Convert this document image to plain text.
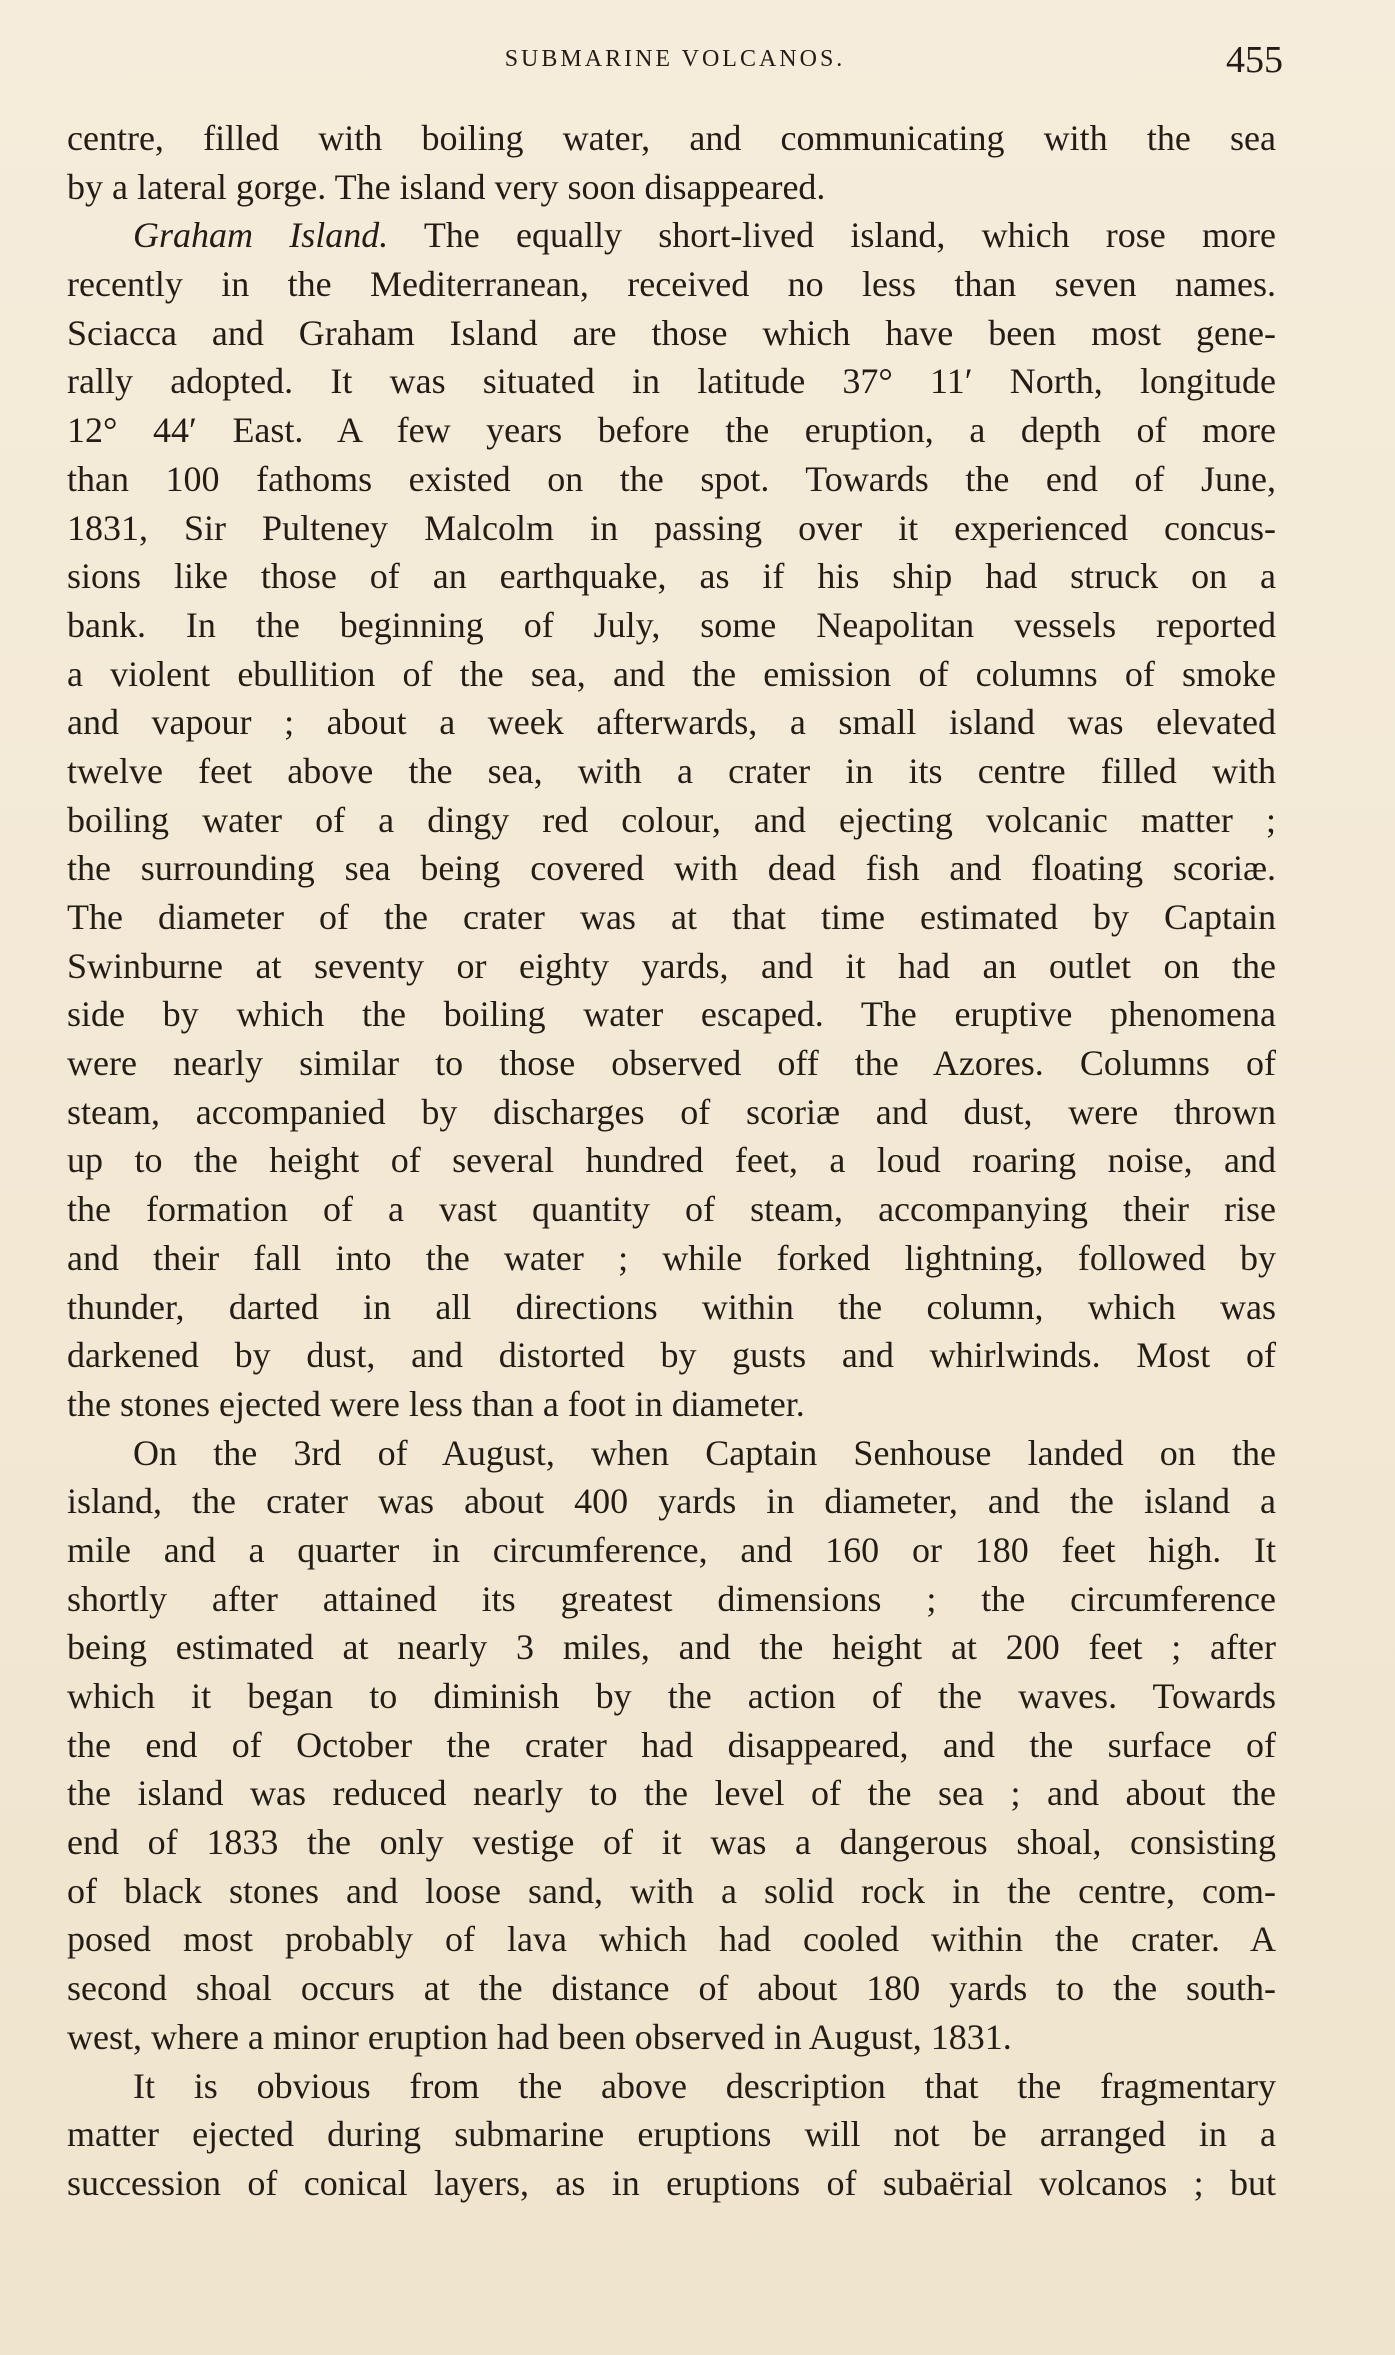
SUBMARINE VOLCANOS.	455
centre, filled with boiling water, and communicating with the sea
by a lateral gorge. The island very soon disappeared.
Graham Island. The equally short-lived island, which rose more
recently in the Mediterranean, received no less than seven names.
Sciacca and Graham Island are those which have been most gene-
rally adopted. It was situated in latitude 37° 11′ North, longitude
12° 44′ East. A few years before the eruption, a depth of more
than 100 fathoms existed on the spot. Towards the end of June,
1831, Sir Pulteney Malcolm in passing over it experienced concus-
sions like those of an earthquake, as if his ship had struck on a
bank. In the beginning of July, some Neapolitan vessels reported
a violent ebullition of the sea, and the emission of columns of smoke
and vapour ; about a week afterwards, a small island was elevated
twelve feet above the sea, with a crater in its centre filled with
boiling water of a dingy red colour, and ejecting volcanic matter ;
the surrounding sea being covered with dead fish and floating scoriæ.
The diameter of the crater was at that time estimated by Captain
Swinburne at seventy or eighty yards, and it had an outlet on the
side by which the boiling water escaped. The eruptive phenomena
were nearly similar to those observed off the Azores. Columns of
steam, accompanied by discharges of scoriæ and dust, were thrown
up to the height of several hundred feet, a loud roaring noise, and
the formation of a vast quantity of steam, accompanying their rise
and their fall into the water ; while forked lightning, followed by
thunder, darted in all directions within the column, which was
darkened by dust, and distorted by gusts and whirlwinds. Most of
the stones ejected were less than a foot in diameter.
On the 3rd of August, when Captain Senhouse landed on the
island, the crater was about 400 yards in diameter, and the island a
mile and a quarter in circumference, and 160 or 180 feet high. It
shortly after attained its greatest dimensions ; the circumference
being estimated at nearly 3 miles, and the height at 200 feet ; after
which it began to diminish by the action of the waves. Towards
the end of October the crater had disappeared, and the surface of
the island was reduced nearly to the level of the sea ; and about the
end of 1833 the only vestige of it was a dangerous shoal, consisting
of black stones and loose sand, with a solid rock in the centre, com-
posed most probably of lava which had cooled within the crater. A
second shoal occurs at the distance of about 180 yards to the south-
west, where a minor eruption had been observed in August, 1831.
It is obvious from the above description that the fragmentary
matter ejected during submarine eruptions will not be arranged in a
succession of conical layers, as in eruptions of subaërial volcanos ; but
